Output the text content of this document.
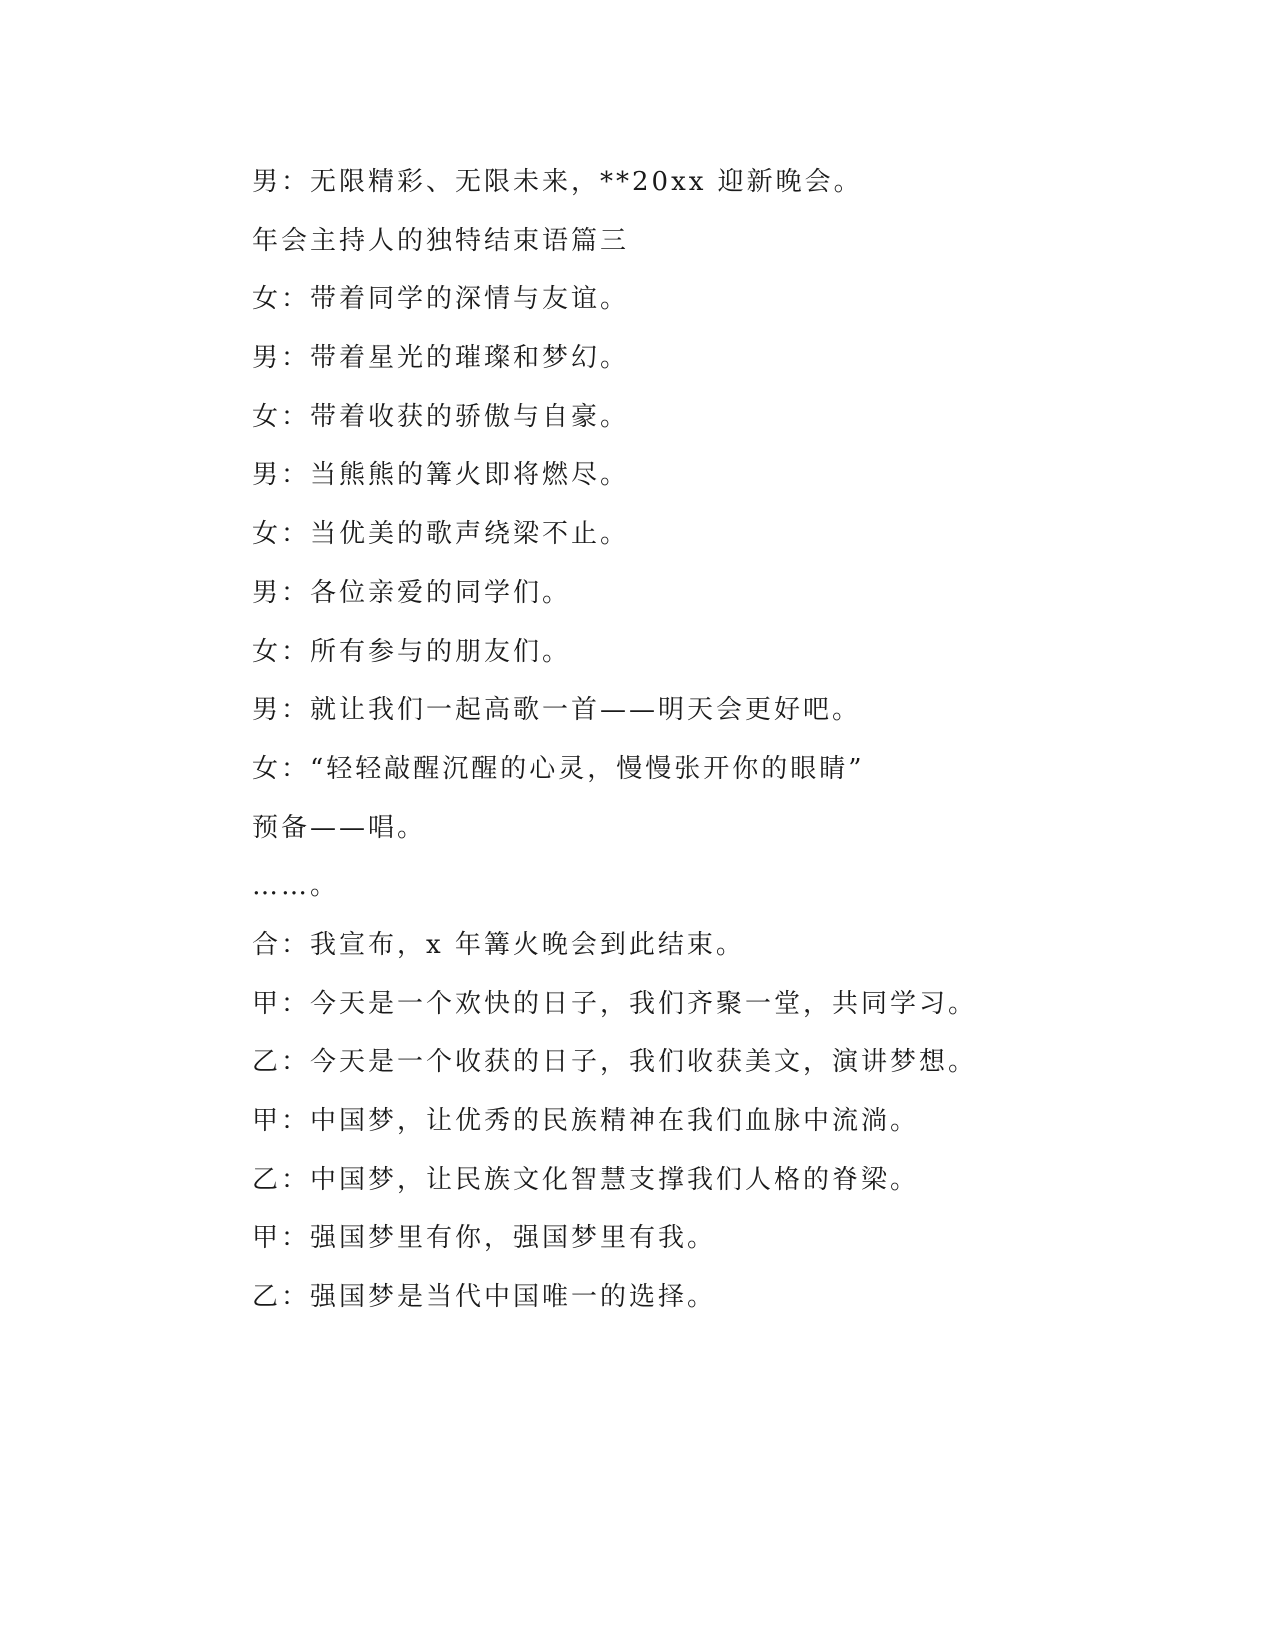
男：无限精彩、无限未来，**20xx 迎新晚会。
年会主持人的独特结束语篇三
女：带着同学的深情与友谊。
男：带着星光的璀璨和梦幻。
女：带着收获的骄傲与自豪。
男：当熊熊的篝火即将燃尽。
女：当优美的歌声绕梁不止。
男：各位亲爱的同学们。
女：所有参与的朋友们。
男：就让我们一起高歌一首——明天会更好吧。
女：“轻轻敲醒沉醒的心灵，慢慢张开你的眼睛”
预备——唱。
……。
合：我宣布，x 年篝火晚会到此结束。
甲：今天是一个欢快的日子，我们齐聚一堂，共同学习。
乙：今天是一个收获的日子，我们收获美文，演讲梦想。
甲：中国梦，让优秀的民族精神在我们血脉中流淌。
乙：中国梦，让民族文化智慧支撑我们人格的脊梁。
甲：强国梦里有你，强国梦里有我。
乙：强国梦是当代中国唯一的选择。
